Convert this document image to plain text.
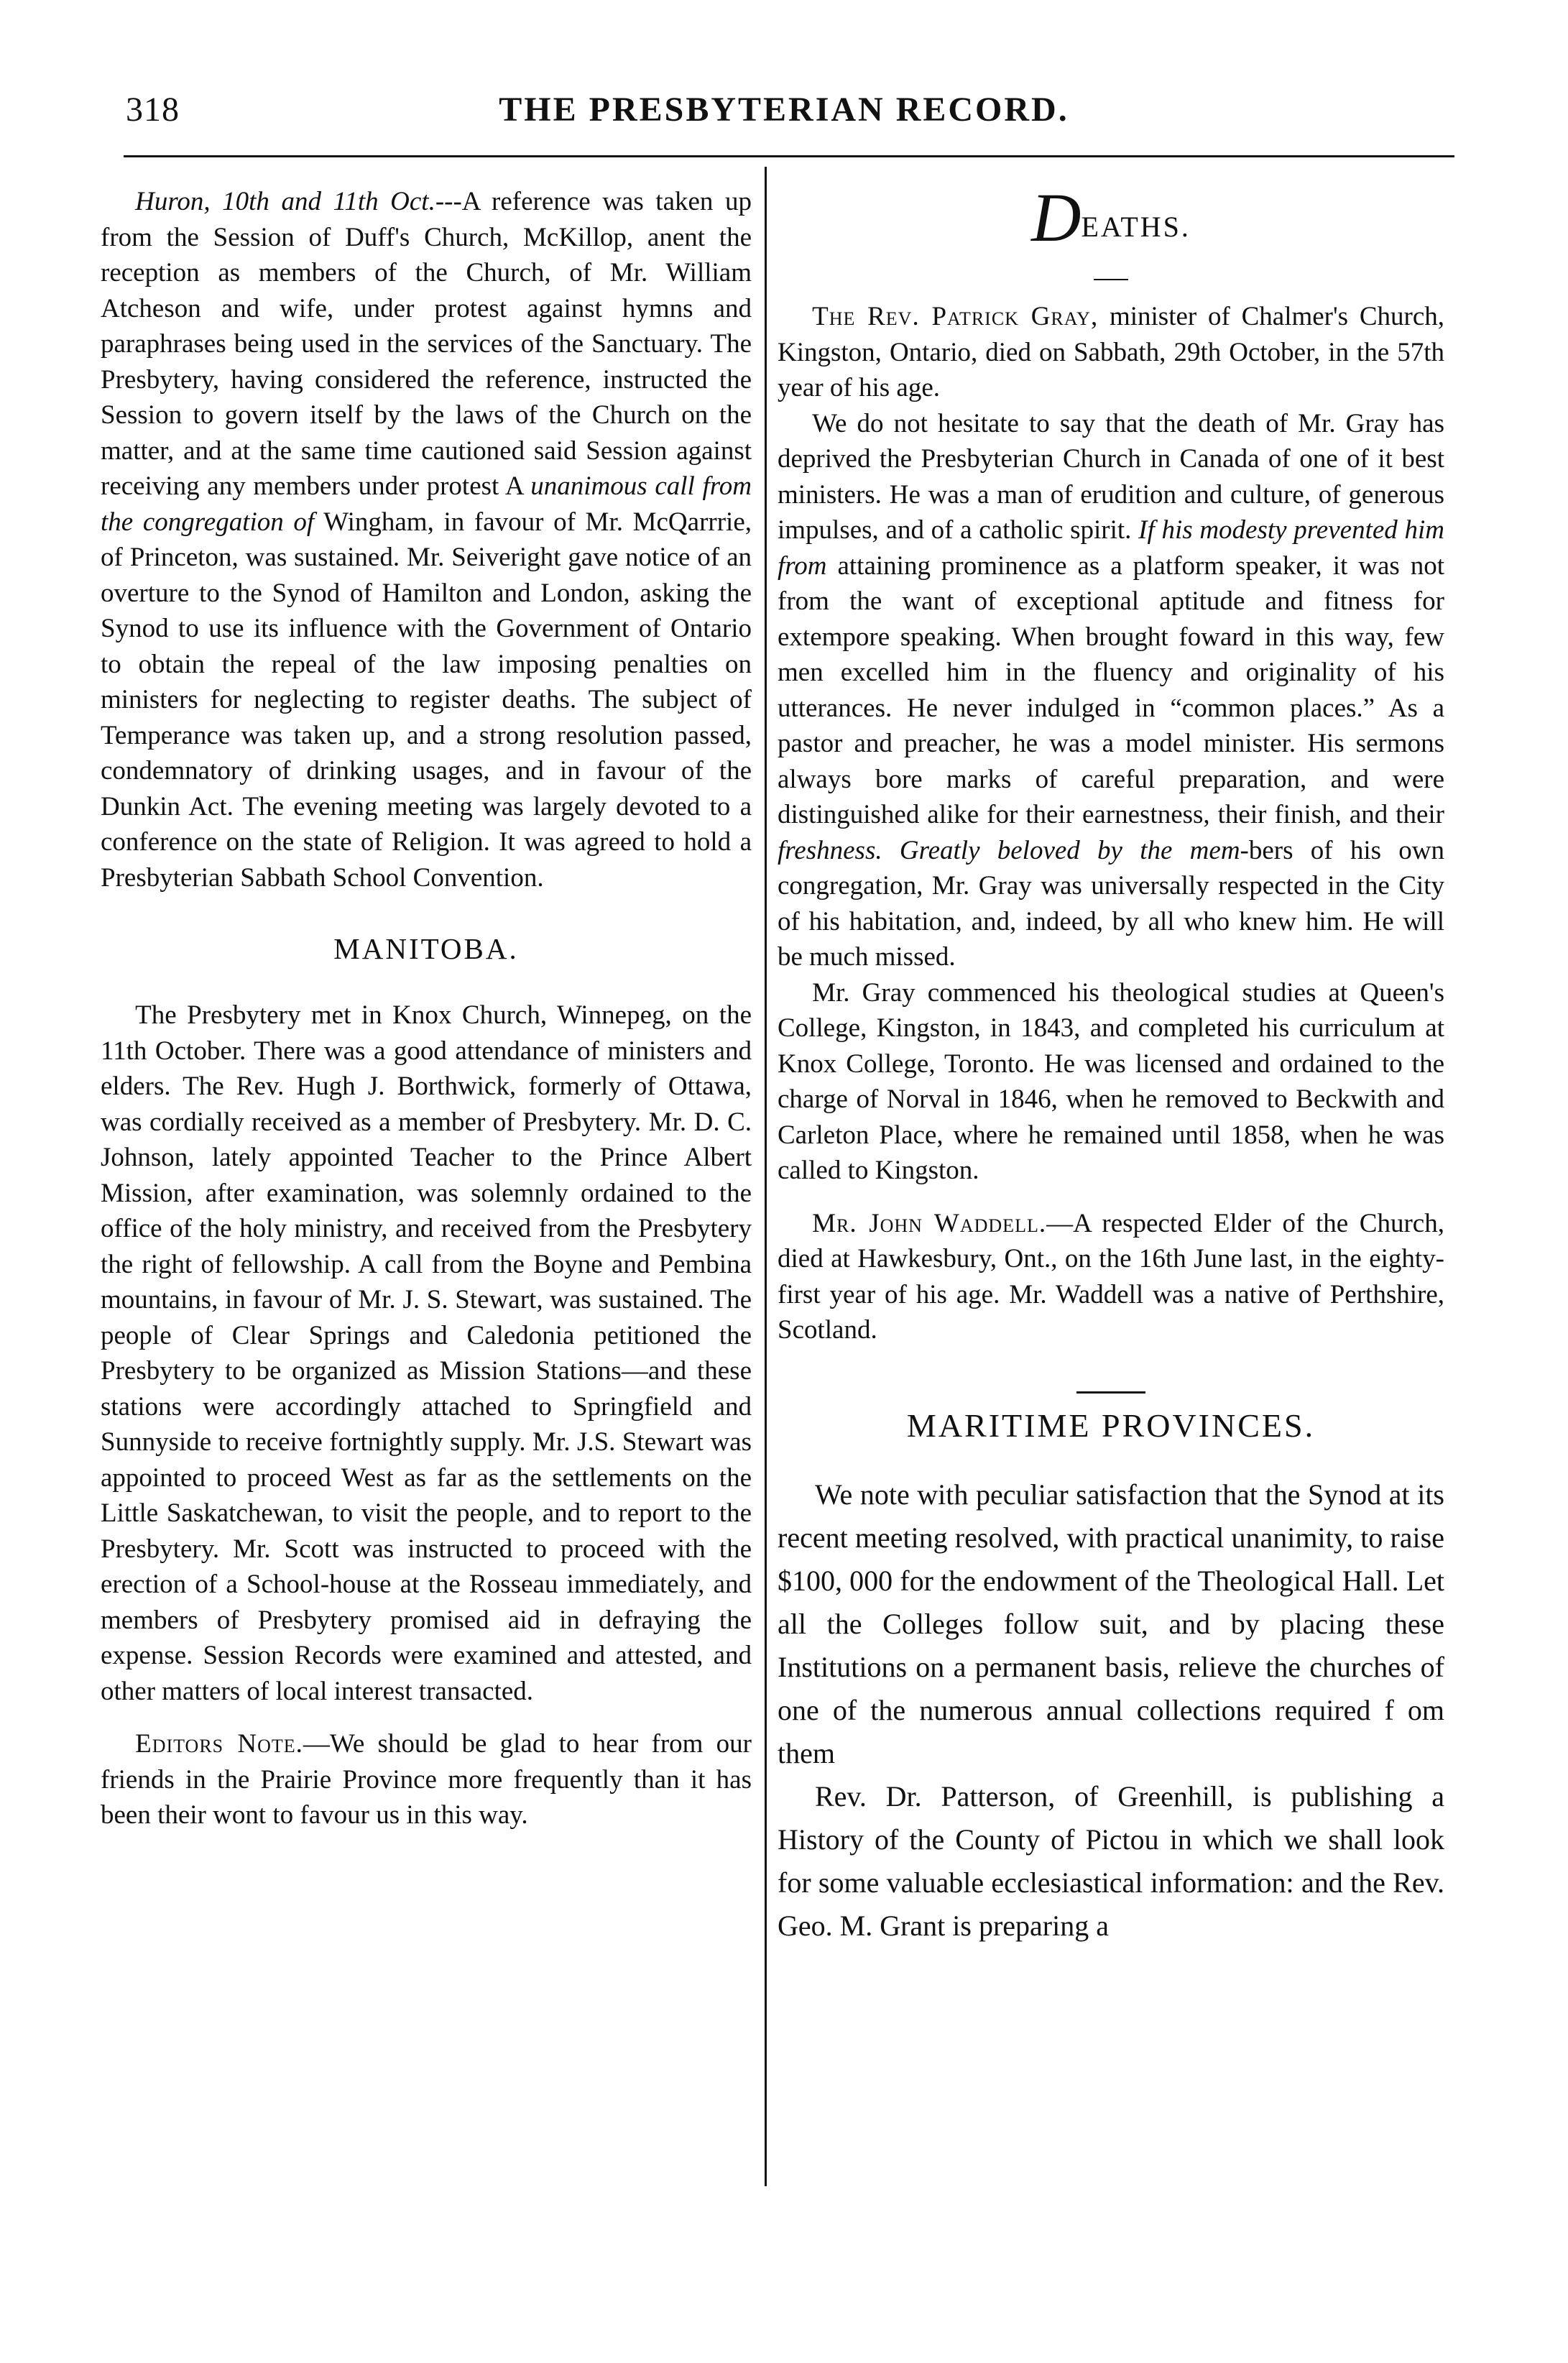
318	THE PRESBYTERIAN RECORD.

Huron, 10th and 11th Oct.---A reference was taken up from the Session of Duff's Church, McKillop, anent the reception as members of the Church, of Mr. William Atcheson and wife, under protest against hymns and paraphrases being used in the services of the Sanctuary. The Presbytery, having considered the reference, instructed the Session to govern itself by the laws of the Church on the matter, and at the same time cautioned said Session against receiving any members under protest A unanimous call from the congregation of Wingham, in favour of Mr. McQarrrie, of Princeton, was sustained. Mr. Seiveright gave notice of an overture to the Synod of Hamilton and London, asking the Synod to use its influence with the Government of Ontario to obtain the repeal of the law imposing penalties on ministers for neglecting to register deaths. The subject of Temperance was taken up, and a strong resolution passed, condemnatory of drinking usages, and in favour of the Dunkin Act. The evening meeting was largely devoted to a conference on the state of Religion. It was agreed to hold a Presbyterian Sabbath School Convention.

MANITOBA.

The Presbytery met in Knox Church, Winnepeg, on the 11th October. There was a good attendance of ministers and elders. The Rev. Hugh J. Borthwick, formerly of Ottawa, was cordially received as a member of Presbytery. Mr. D. C. Johnson, lately appointed Teacher to the Prince Albert Mission, after examination, was solemnly ordained to the office of the holy ministry, and received from the Presbytery the right of fellowship. A call from the Boyne and Pembina mountains, in favour of Mr. J. S. Stewart, was sustained. The people of Clear Springs and Caledonia petitioned the Presbytery to be organized as Mission Stations—and these stations were accordingly attached to Springfield and Sunnyside to receive fortnightly supply. Mr. J.S. Stewart was appointed to proceed West as far as the settlements on the Little Saskatchewan, to visit the people, and to report to the Presbytery. Mr. Scott was instructed to proceed with the erection of a School-house at the Rosseau immediately, and members of Presbytery promised aid in defraying the expense. Session Records were examined and attested, and other matters of local interest transacted.

Editors Note.—We should be glad to hear from our friends in the Prairie Province more frequently than it has been their wont to favour us in this way.

DEATHS.

The Rev. Patrick Gray, minister of Chalmer's Church, Kingston, Ontario, died on Sabbath, 29th October, in the 57th year of his age.

We do not hesitate to say that the death of Mr. Gray has deprived the Presbyterian Church in Canada of one of it best ministers. He was a man of erudition and culture, of generous impulses, and of a catholic spirit. If his modesty prevented him from attaining prominence as a platform speaker, it was not from the want of exceptional aptitude and fitness for extempore speaking. When brought foward in this way, few men excelled him in the fluency and originality of his utterances. He never indulged in “common places.” As a pastor and preacher, he was a model minister. His sermons always bore marks of careful preparation, and were distinguished alike for their earnestness, their finish, and their freshness. Greatly beloved by the mem-bers of his own congregation, Mr. Gray was universally respected in the City of his habitation, and, indeed, by all who knew him. He will be much missed.

Mr. Gray commenced his theological studies at Queen's College, Kingston, in 1843, and completed his curriculum at Knox College, Toronto. He was licensed and ordained to the charge of Norval in 1846, when he removed to Beckwith and Carleton Place, where he remained until 1858, when he was called to Kingston.

Mr. John Waddell.—A respected Elder of the Church, died at Hawkesbury, Ont., on the 16th June last, in the eighty-first year of his age. Mr. Waddell was a native of Perthshire, Scotland.

MARITIME PROVINCES.

We note with peculiar satisfaction that the Synod at its recent meeting resolved, with practical unanimity, to raise $100, 000 for the endowment of the Theological Hall. Let all the Colleges follow suit, and by placing these Institutions on a permanent basis, relieve the churches of one of the numerous annual collections required f om them

Rev. Dr. Patterson, of Greenhill, is publishing a History of the County of Pictou in which we shall look for some valuable ecclesiastical information: and the Rev. Geo. M. Grant is preparing a
